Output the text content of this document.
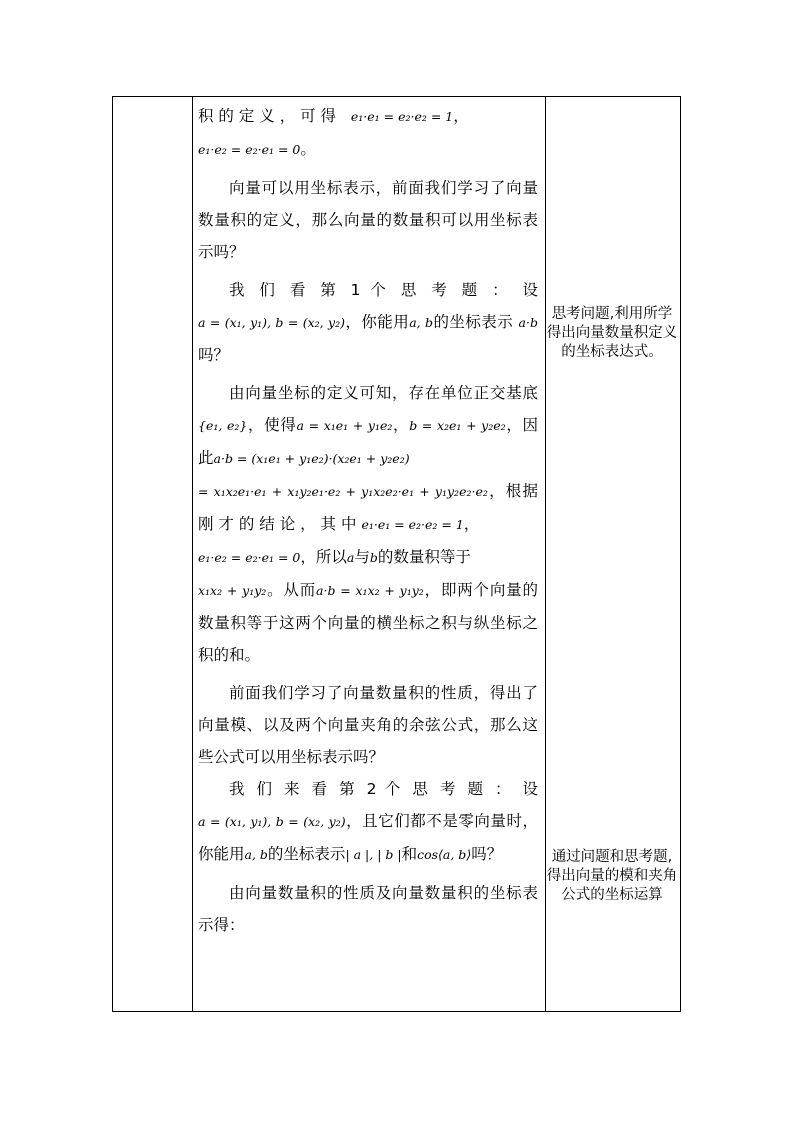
积 的 定 义 ， 可 得 e₁·e₁ = e₂·e₂ = 1，
e₁·e₂ = e₂·e₁ = 0。

向量可以用坐标表示，前面我们学习了向量数量积的定义，那么向量的数量积可以用坐标表示吗？

我 们 看 第 1 个 思 考 题 ： 设 a = (x₁, y₁), b = (x₂, y₂)，你能用a, b的坐标表示 a·b吗？

由向量坐标的定义可知，存在单位正交基底 {e₁, e₂}，使得a = x₁e₁ + y₁e₂，b = x₂e₁ + y₂e₂，因此a·b = (x₁e₁ + y₁e₂)·(x₂e₁ + y₂e₂)
= x₁x₂e₁·e₁ + x₁y₂e₁·e₂ + y₁x₂e₂·e₁ + y₁y₂e₂·e₂，根据刚 才 的 结 论 ， 其 中 e₁·e₁ = e₂·e₂ = 1，
e₁·e₂ = e₂·e₁ = 0，所以a与b的数量积等于
x₁x₂ + y₁y₂。从而a·b = x₁x₂ + y₁y₂，即两个向量的数量积等于这两个向量的横坐标之积与纵坐标之积的和。

前面我们学习了向量数量积的性质，得出了向量模、以及两个向量夹角的余弦公式，那么这些公式可以用坐标表示吗？

我 们 来 看 第 2 个 思 考 题 ： 设 a = (x₁, y₁), b = (x₂, y₂)，且它们都不是零向量时，你能用a, b的坐标表示| a |, | b |和cos⟨a, b⟩吗？

由向量数量积的性质及向量数量积的坐标表示得：

思考问题,利用所学得出向量数量积定义的坐标表达式。
通过问题和思考题,得出向量的模和夹角公式的坐标运算
